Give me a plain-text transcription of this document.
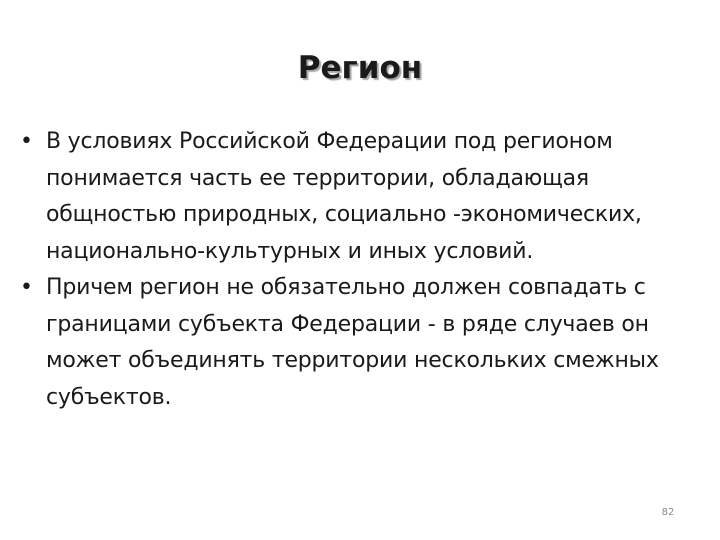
Регион
• В условиях Российской Федерации под регионом понимается часть ее территории, обладающая общностью природных, социально -экономических, национально-культурных и иных условий.
• Причем регион не обязательно должен совпадать с границами субъекта Федерации - в ряде случаев он может объединять территории нескольких смежных субъектов.
82
